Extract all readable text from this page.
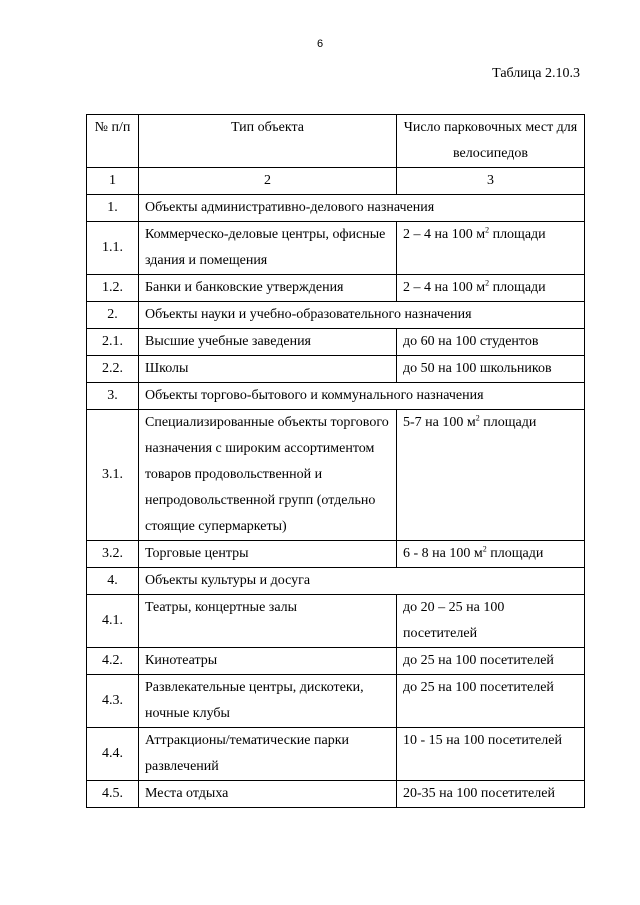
6
Таблица 2.10.3
№ п/п	Тип объекта	Число парковочных мест для велосипедов
1	2	3
1.	Объекты административно-делового назначения	
1.1.	Коммерческо-деловые центры, офисные здания и помещения	2 – 4 на 100 $м^2$ площади
1.2.	Банки и банковские утверждения	2 – 4 на 100 $м^2$ площади
2.	Объекты науки и учебно-образовательного назначения	
2.1.	Высшие учебные заведения	до 60 на 100 студентов
2.2.	Школы	до 50 на 100 школьников
3.	Объекты торгово-бытового и коммунального назначения	
3.1.	Специализированные объекты торгового назначения с широким ассортиментом товаров продовольственной и непродовольственной групп (отдельно стоящие супермаркеты)	5-7 на 100 $м^2$ площади
3.2.	Торговые центры	6 - 8 на 100 $м^2$ площади
4.	Объекты культуры и досуга	
4.1.	Театры, концертные залы	до 20 – 25 на 100 посетителей
4.2.	Кинотеатры	до 25 на 100 посетителей
4.3.	Развлекательные центры, дискотеки, ночные клубы	до 25 на 100 посетителей
4.4.	Аттракционы/тематические парки развлечений	10 - 15 на 100 посетителей
4.5.	Места отдыха	20-35 на 100 посетителей
